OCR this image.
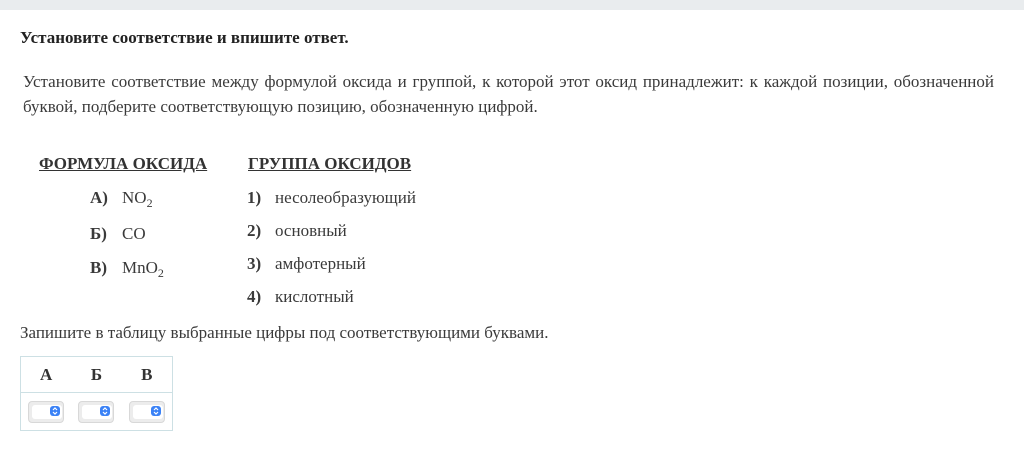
Установите соответствие и впишите ответ.
Установите соответствие между формулой оксида и группой, к которой этот оксид принадлежит: к каждой позиции, обозначенной буквой, подберите соответствующую позицию, обозначенную цифрой.
ФОРМУЛА ОКСИДА ГРУППА ОКСИДОВ
А) $NO_2$
Б) CO
В) MnO$_2$
1) несолеобразующий
2) основный
3) амфотерный
4) кислотный
Запишите в таблицу выбранные цифры под соответствующими буквами.
А	Б	В
